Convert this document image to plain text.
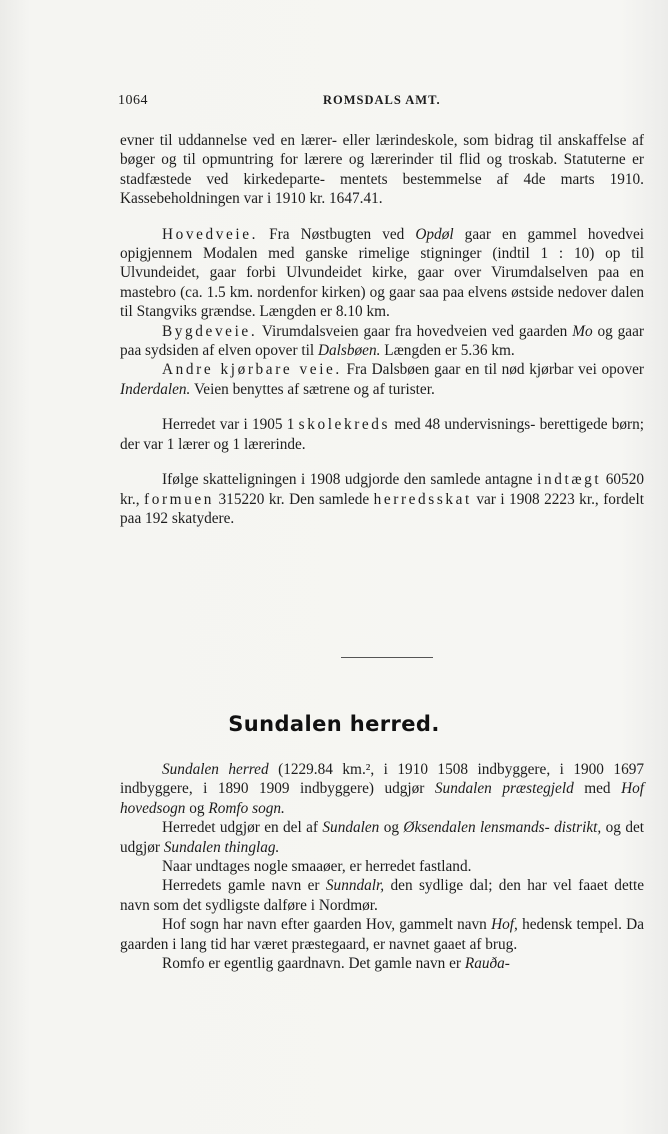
1064	ROMSDALS AMT.

evner til uddannelse ved en lærer- eller lærindeskole, som bidrag til anskaffelse af bøger og til opmuntring for lærere og lærerinder til flid og troskab. Statuterne er stadfæstede ved kirkedeparte- mentets bestemmelse af 4de marts 1910. Kassebeholdningen var i 1910 kr. 1647.41.

Hovedveie. Fra Nøstbugten ved Opdøl gaar en gammel hovedvei opigjennem Modalen med ganske rimelige stigninger (indtil 1 : 10) op til Ulvundeidet, gaar forbi Ulvundeidet kirke, gaar over Virumdalselven paa en mastebro (ca. 1.5 km. nordenfor kirken) og gaar saa paa elvens østside nedover dalen til Stangviks grændse. Længden er 8.10 km.

Bygdeveie. Virumdalsveien gaar fra hovedveien ved gaarden Mo og gaar paa sydsiden af elven opover til Dalsbøen. Længden er 5.36 km.

Andre kjørbare veie. Fra Dalsbøen gaar en til nød kjørbar vei opover Inderdalen. Veien benyttes af sætrene og af turister.

Herredet var i 1905 1 skolekreds med 48 undervisnings- berettigede børn; der var 1 lærer og 1 lærerinde.

Ifølge skatteligningen i 1908 udgjorde den samlede antagne indtægt 60520 kr., formuen 315220 kr. Den samlede herredsskat var i 1908 2223 kr., fordelt paa 192 skatydere.

Sundalen herred.

Sundalen herred (1229.84 km.², i 1910 1508 indbyggere, i 1900 1697 indbyggere, i 1890 1909 indbyggere) udgjør Sundalen præstegjeld med Hof hovedsogn og Romfo sogn.

Herredet udgjør en del af Sundalen og Øksendalen lensmands- distrikt, og det udgjør Sundalen thinglag.

Naar undtages nogle smaaøer, er herredet fastland.

Herredets gamle navn er Sunndalr, den sydlige dal; den har vel faaet dette navn som det sydligste dalføre i Nordmør.

Hof sogn har navn efter gaarden Hov, gammelt navn Hof, hedensk tempel. Da gaarden i lang tid har været præstegaard, er navnet gaaet af brug.

Romfo er egentlig gaardnavn. Det gamle navn er Rauða-
